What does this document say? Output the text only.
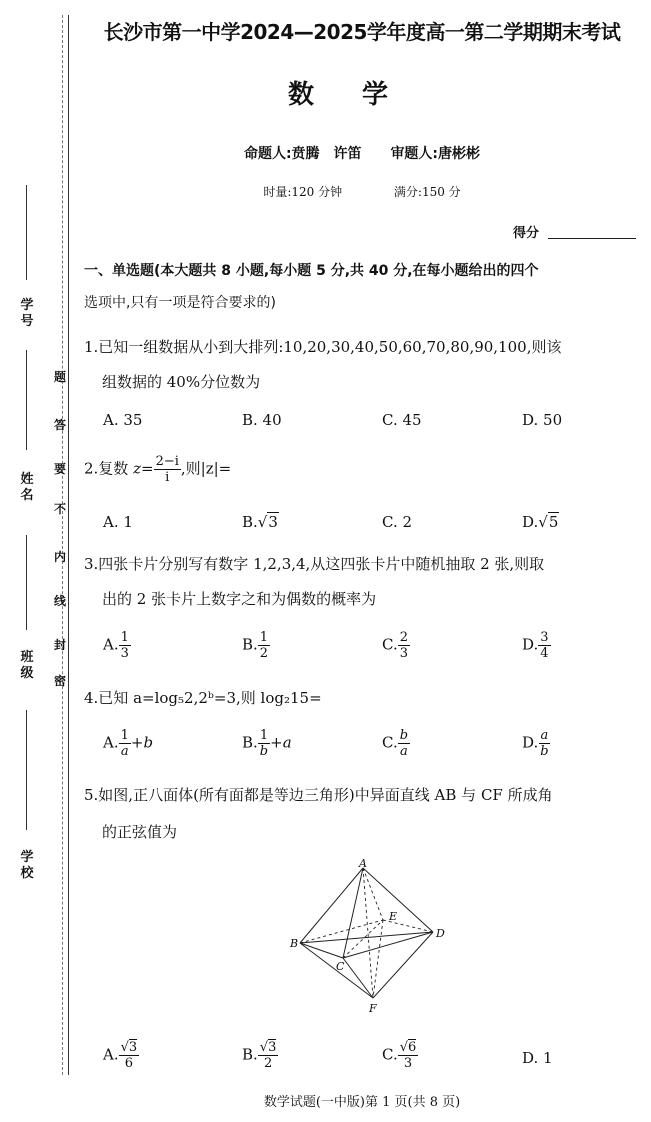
学号
姓名
班级
学校
题
答
要
不
内
线
封
密
长沙市第一中学2024—2025学年度高一第二学期期末考试
数学
命题人:贲腾　许笛 审题人:唐彬彬
时量:120 分钟	满分:150 分
得分
一、单选题(本大题共 8 小题,每小题 5 分,共 40 分,在每小题给出的四个
选项中,只有一项是符合要求的)
1.已知一组数据从小到大排列:10,20,30,40,50,60,70,80,90,100,则该
组数据的 40%分位数为
A. 35	B. 40	C. 45	D. 50
2.复数 $z= \frac{2-i}{i}$ ,则|z|=
A. 1	B.√3	C. 2	D.√5
3.四张卡片分别写有数字 1,2,3,4,从这四张卡片中随机抽取 2 张,则取
出的 2 张卡片上数字之和为偶数的概率为
A. $\frac{1}{3}$	B. $\frac{1}{2}$	C. $\frac{2}{3}$	D. $\frac{3}{4}$
4.已知 a=log₅2,2ᵇ=3,则 log₂15=
A. $\frac{1}{a} +b$	B. $\frac{1}{b} +a$	C. $\frac{b}{a}$	D. $\frac{a}{b}$
5.如图,正八面体(所有面都是等边三角形)中异面直线 AB 与 CF 所成角
的正弦值为
A
B
C
D
E
F
A. $\frac{√3}{6}$	B. $\frac{√3}{2}$	C. $\frac{√6}{3}$	D. 1
数学试题(一中版)第 1 页(共 8 页)
